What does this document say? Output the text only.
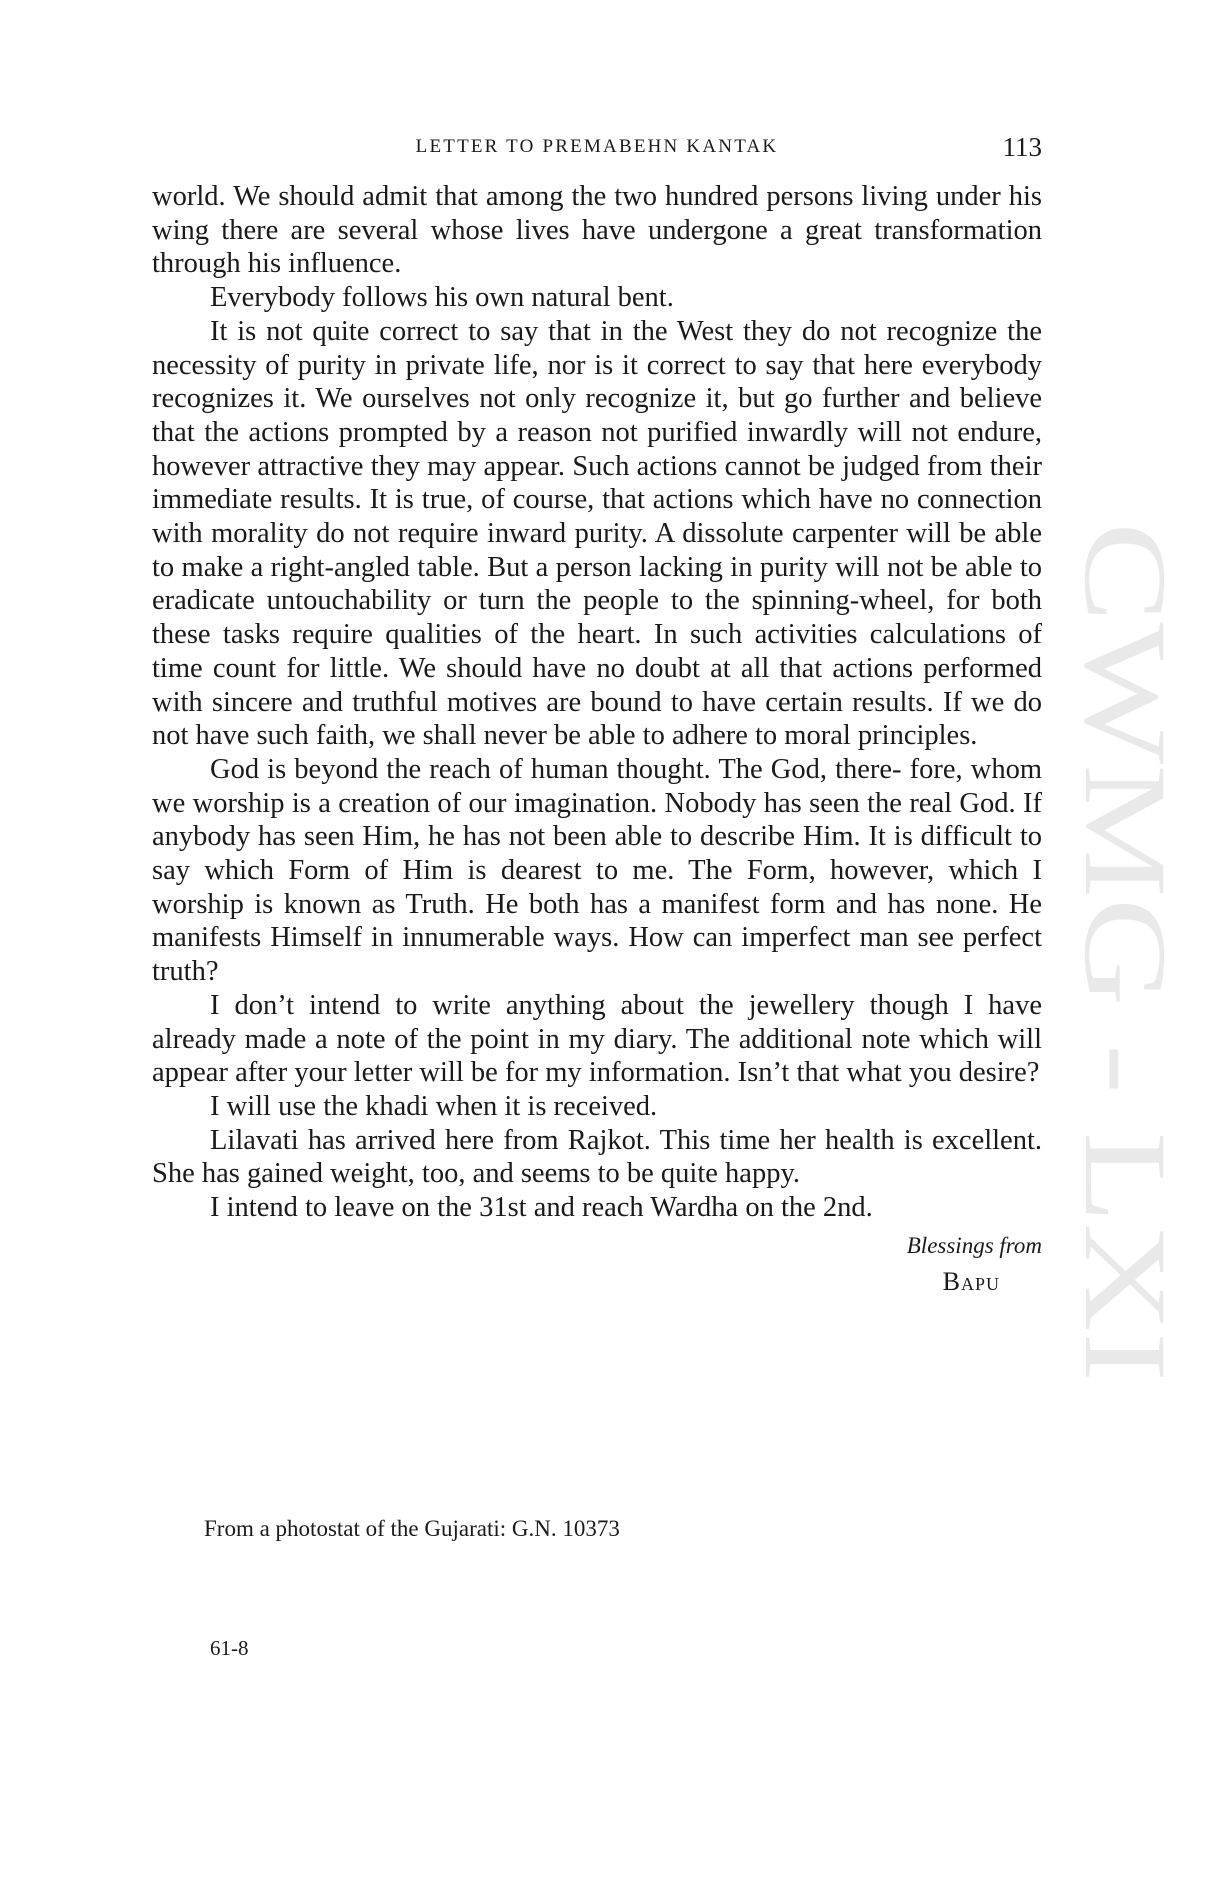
LETTER TO PREMABEHN KANTAK	113
CWMG - LXI

world. We should admit that among the two hundred persons living under his wing there are several whose lives have undergone a great transformation through his influence.

Everybody follows his own natural bent.

It is not quite correct to say that in the West they do not recognize the necessity of purity in private life, nor is it correct to say that here everybody recognizes it. We ourselves not only recognize it, but go further and believe that the actions prompted by a reason not purified inwardly will not endure, however attractive they may appear. Such actions cannot be judged from their immediate results. It is true, of course, that actions which have no connection with morality do not require inward purity. A dissolute carpenter will be able to make a right-angled table. But a person lacking in purity will not be able to eradicate untouchability or turn the people to the spinning-wheel, for both these tasks require qualities of the heart. In such activities calculations of time count for little. We should have no doubt at all that actions performed with sincere and truthful motives are bound to have certain results. If we do not have such faith, we shall never be able to adhere to moral principles.

God is beyond the reach of human thought. The God, there- fore, whom we worship is a creation of our imagination. Nobody has seen the real God. If anybody has seen Him, he has not been able to describe Him. It is difficult to say which Form of Him is dearest to me. The Form, however, which I worship is known as Truth. He both has a manifest form and has none. He manifests Himself in innumerable ways. How can imperfect man see perfect truth?

I don’t intend to write anything about the jewellery though I have already made a note of the point in my diary. The additional note which will appear after your letter will be for my information. Isn’t that what you desire?

I will use the khadi when it is received.

Lilavati has arrived here from Rajkot. This time her health is excellent. She has gained weight, too, and seems to be quite happy.

I intend to leave on the 31st and reach Wardha on the 2nd.

Blessings from
Bapu
From a photostat of the Gujarati: G.N. 10373
61-8
